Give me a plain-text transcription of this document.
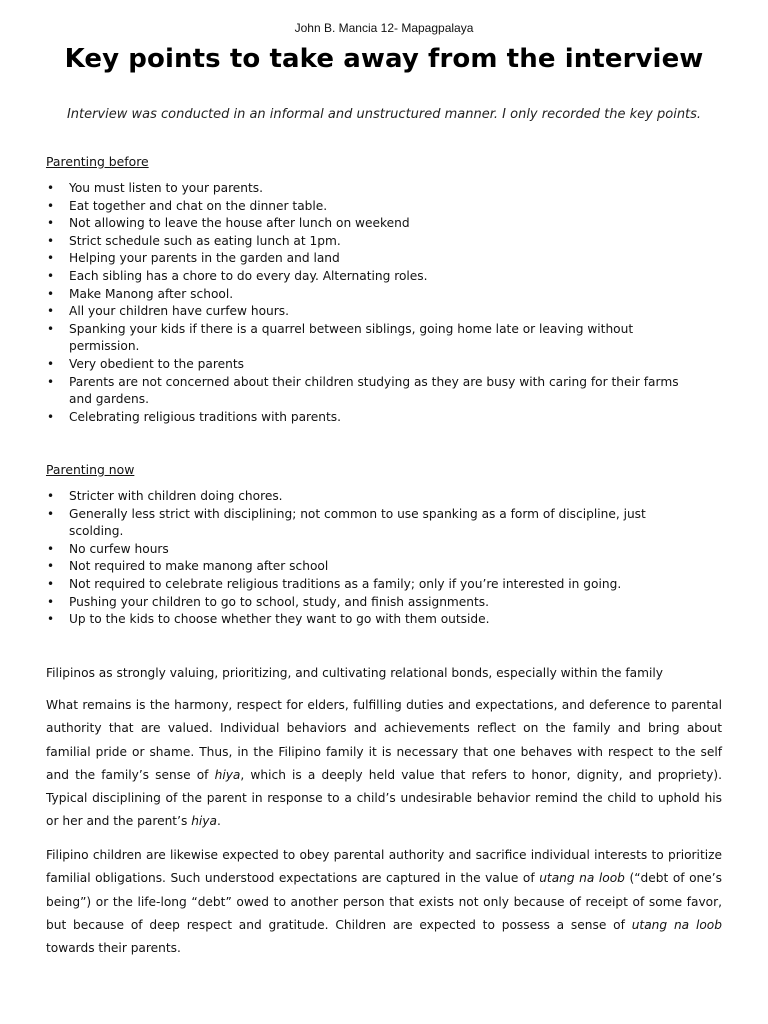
John B. Mancia 12- Mapagpalaya
Key points to take away from the interview
Interview was conducted in an informal and unstructured manner. I only recorded the key points.
Parenting before
• You must listen to your parents.
• Eat together and chat on the dinner table.
• Not allowing to leave the house after lunch on weekend
• Strict schedule such as eating lunch at 1pm.
• Helping your parents in the garden and land
• Each sibling has a chore to do every day. Alternating roles.
• Make Manong after school.
• All your children have curfew hours.
• Spanking your kids if there is a quarrel between siblings, going home late or leaving without permission.
• Very obedient to the parents
• Parents are not concerned about their children studying as they are busy with caring for their farms and gardens.
• Celebrating religious traditions with parents.
Parenting now
• Stricter with children doing chores.
• Generally less strict with disciplining; not common to use spanking as a form of discipline, just scolding.
• No curfew hours
• Not required to make manong after school
• Not required to celebrate religious traditions as a family; only if you’re interested in going.
• Pushing your children to go to school, study, and finish assignments.
• Up to the kids to choose whether they want to go with them outside.

Filipinos as strongly valuing, prioritizing, and cultivating relational bonds, especially within the family

What remains is the harmony, respect for elders, fulfilling duties and expectations, and deference to parental authority that are valued. Individual behaviors and achievements reflect on the family and bring about familial pride or shame. Thus, in the Filipino family it is necessary that one behaves with respect to the self and the family’s sense of hiya, which is a deeply held value that refers to honor, dignity, and propriety). Typical disciplining of the parent in response to a child’s undesirable behavior remind the child to uphold his or her and the parent’s hiya.

Filipino children are likewise expected to obey parental authority and sacrifice individual interests to prioritize familial obligations. Such understood expectations are captured in the value of utang na loob (“debt of one’s being”) or the life-long “debt” owed to another person that exists not only because of receipt of some favor, but because of deep respect and gratitude. Children are expected to possess a sense of utang na loob towards their parents.
